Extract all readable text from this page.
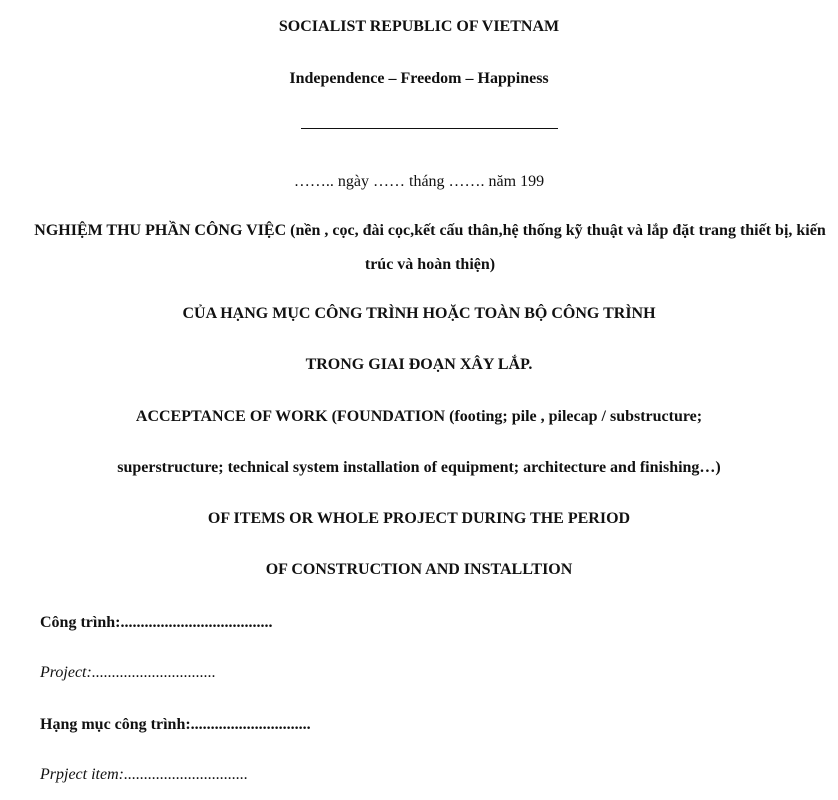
SOCIALIST REPUBLIC OF VIETNAM
Independence – Freedom – Happiness
…….. ngày …… tháng ……. năm 199
NGHIỆM THU PHẦN CÔNG VIỆC (nền , cọc, đài cọc,kết cấu thân,hệ thống kỹ thuật và lắp đặt trang thiết bị, kiến trúc và hoàn thiện)
CỦA HẠNG MỤC CÔNG TRÌNH HOẶC TOÀN BỘ CÔNG TRÌNH
TRONG GIAI ĐOẠN XÂY LẮP.
ACCEPTANCE OF WORK (FOUNDATION (footing; pile , pilecap / substructure;
superstructure; technical system installation of equipment; architecture and finishing…)
OF ITEMS OR WHOLE PROJECT DURING THE PERIOD
OF CONSTRUCTION AND INSTALLTION
Công trình:......................................
Project:...............................
Hạng mục công trình:..............................
Prpject item:...............................
